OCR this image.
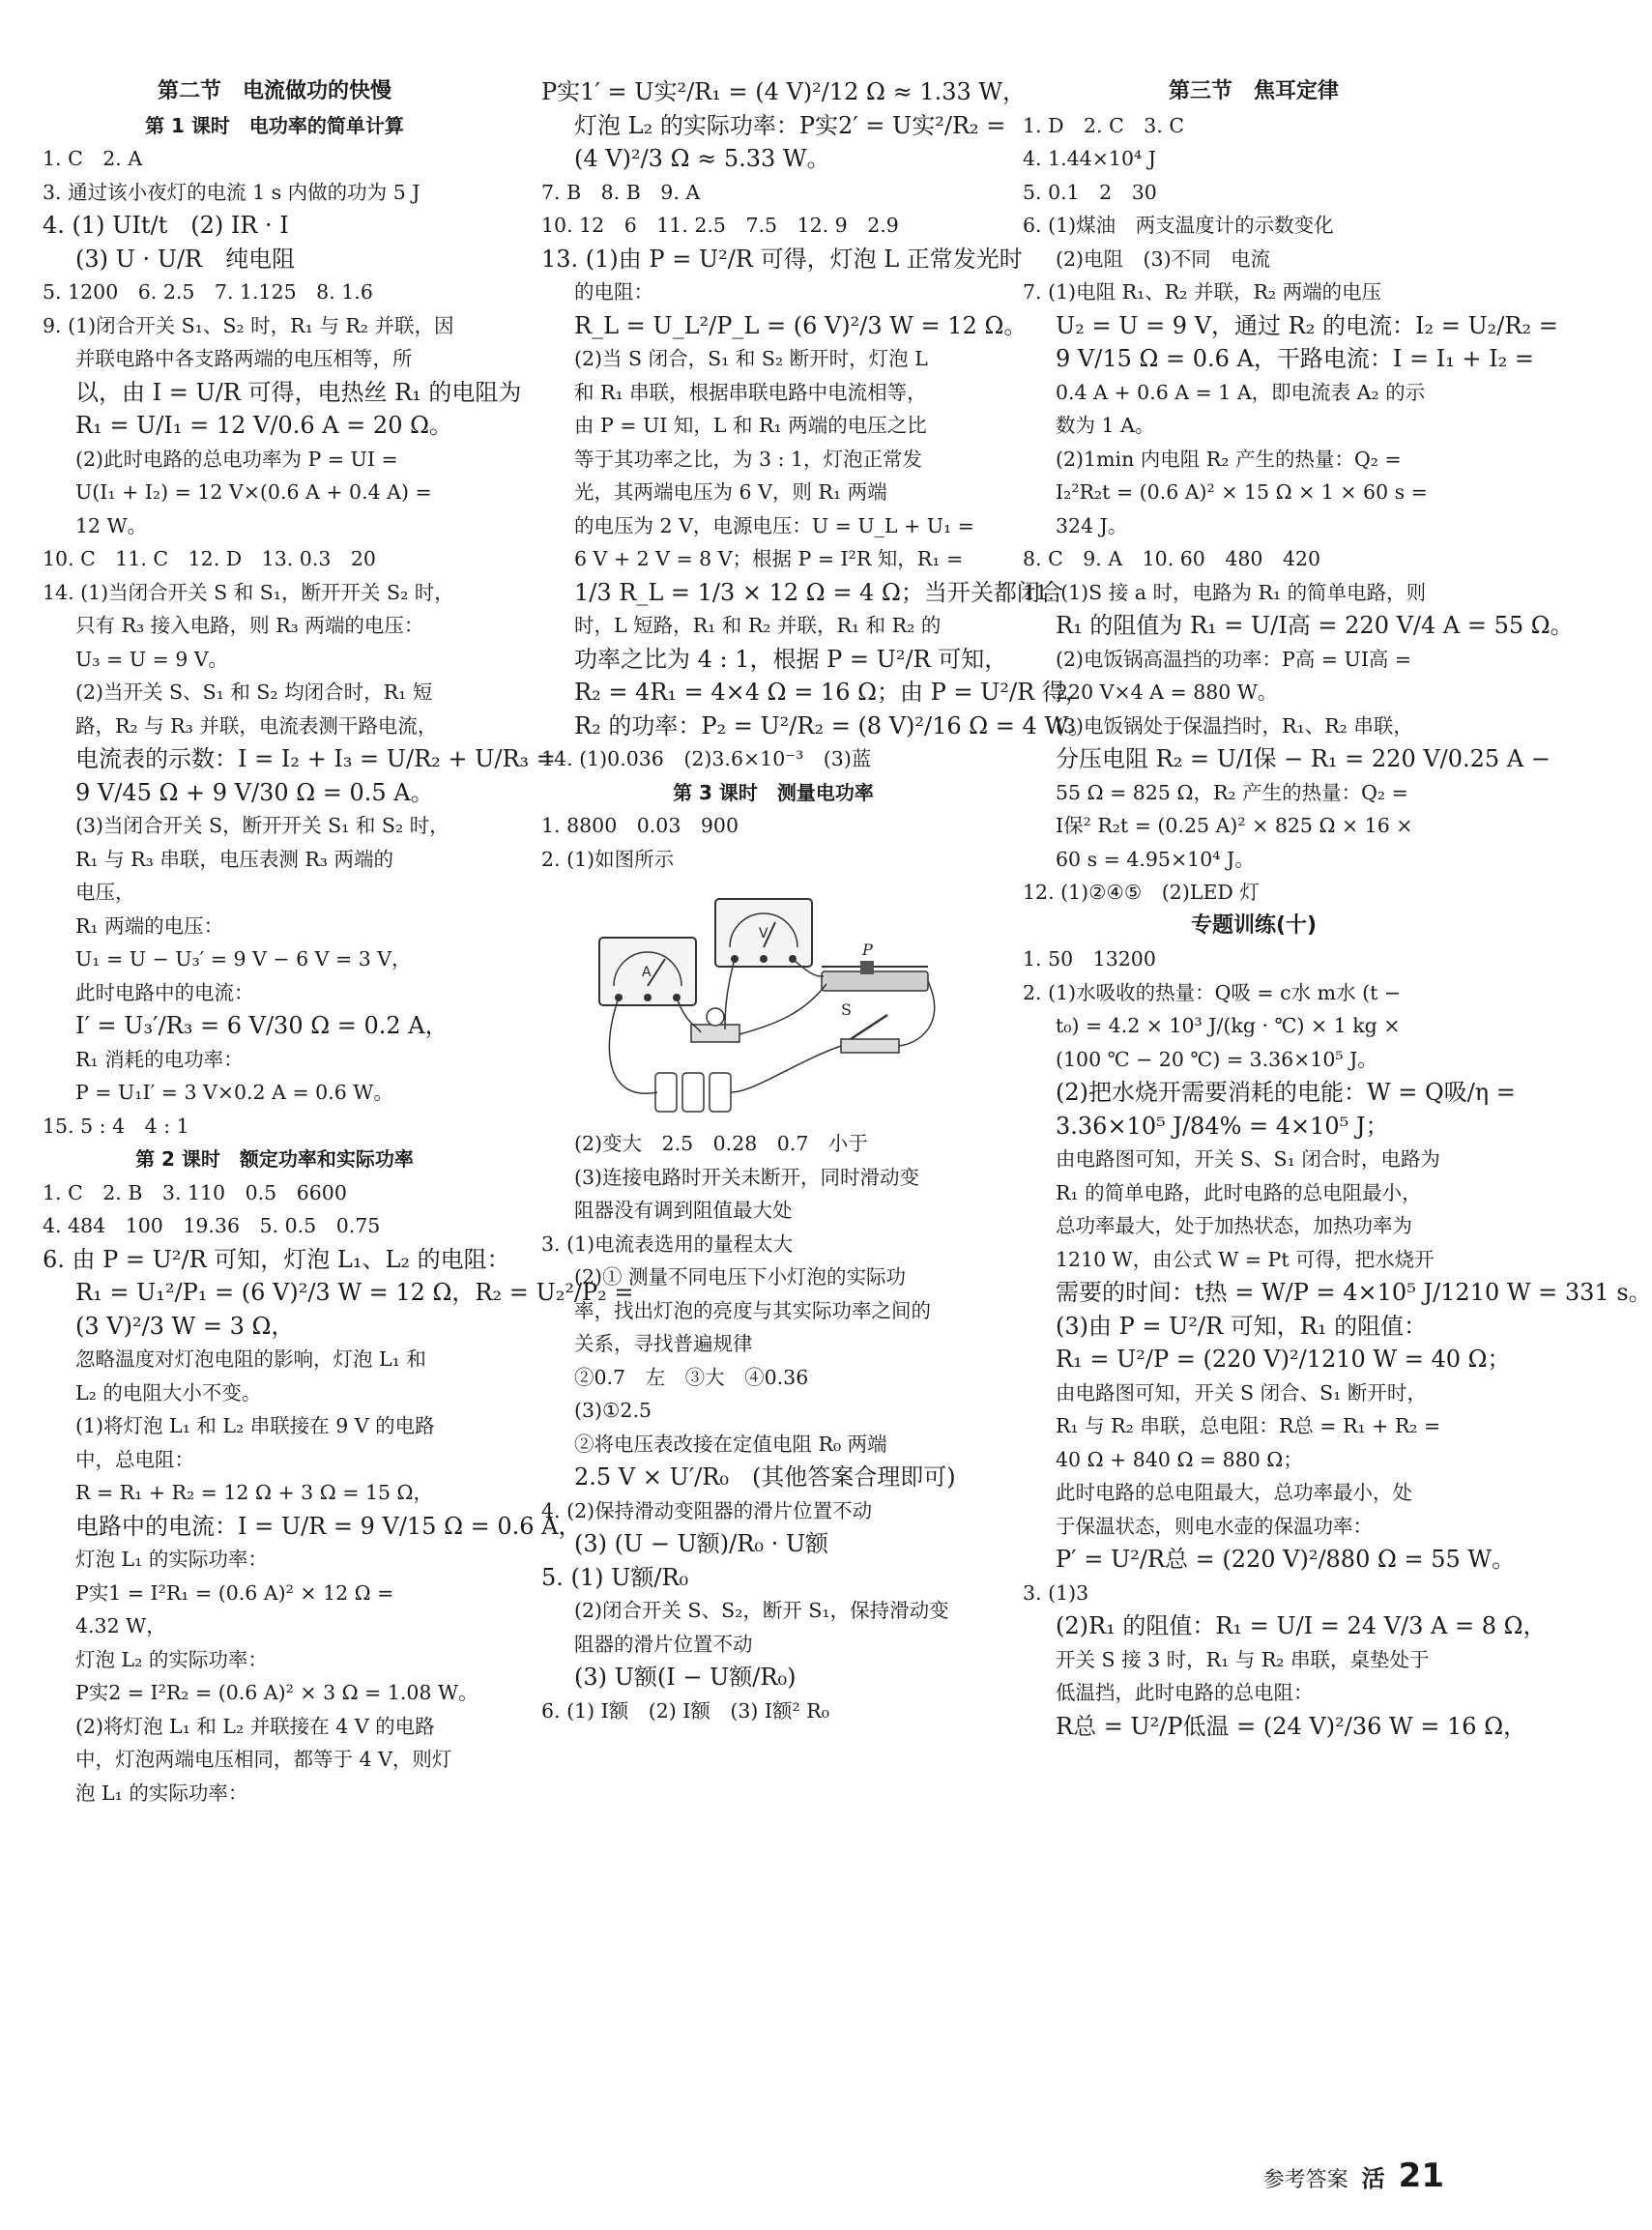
第二节　电流做功的快慢
第 1 课时　电功率的简单计算
1. C　2. A
3. 通过该小夜灯的电流 1 s 内做的功为 5 J
4. (1) UIt/t　(2) IR · I
(3) U · U/R　纯电阻
5. 1200　6. 2.5　7. 1.125　8. 1.6
9. (1)闭合开关 S₁、S₂ 时，R₁ 与 R₂ 并联，因
并联电路中各支路两端的电压相等，所
以，由 I = U/R 可得，电热丝 R₁ 的电阻为
R₁ = U/I₁ = 12 V/0.6 A = 20 Ω。
(2)此时电路的总电功率为 P = UI =
U(I₁ + I₂) = 12 V×(0.6 A + 0.4 A) =
12 W。
10. C　11. C　12. D　13. 0.3　20
14. (1)当闭合开关 S 和 S₁，断开开关 S₂ 时，
只有 R₃ 接入电路，则 R₃ 两端的电压：
U₃ = U = 9 V。
(2)当开关 S、S₁ 和 S₂ 均闭合时，R₁ 短
路，R₂ 与 R₃ 并联，电流表测干路电流，
电流表的示数：I = I₂ + I₃ = U/R₂ + U/R₃ =
9 V/45 Ω + 9 V/30 Ω = 0.5 A。
(3)当闭合开关 S，断开开关 S₁ 和 S₂ 时，
R₁ 与 R₃ 串联，电压表测 R₃ 两端的
电压，
R₁ 两端的电压：
U₁ = U − U₃′ = 9 V − 6 V = 3 V，
此时电路中的电流：
I′ = U₃′/R₃ = 6 V/30 Ω = 0.2 A，
R₁ 消耗的电功率：
P = U₁I′ = 3 V×0.2 A = 0.6 W。
15. 5 : 4　4 : 1
第 2 课时　额定功率和实际功率
1. C　2. B　3. 110　0.5　6600
4. 484　100　19.36　5. 0.5　0.75
6. 由 P = U²/R 可知，灯泡 L₁、L₂ 的电阻：
R₁ = U₁²/P₁ = (6 V)²/3 W = 12 Ω，R₂ = U₂²/P₂ =
(3 V)²/3 W = 3 Ω，
忽略温度对灯泡电阻的影响，灯泡 L₁ 和
L₂ 的电阻大小不变。
(1)将灯泡 L₁ 和 L₂ 串联接在 9 V 的电路
中，总电阻：
R = R₁ + R₂ = 12 Ω + 3 Ω = 15 Ω，
电路中的电流：I = U/R = 9 V/15 Ω = 0.6 A，
灯泡 L₁ 的实际功率：
P实1 = I²R₁ = (0.6 A)² × 12 Ω =
4.32 W，
灯泡 L₂ 的实际功率：
P实2 = I²R₂ = (0.6 A)² × 3 Ω = 1.08 W。
(2)将灯泡 L₁ 和 L₂ 并联接在 4 V 的电路
中，灯泡两端电压相同，都等于 4 V，则灯
泡 L₁ 的实际功率：
P实1′ = U实²/R₁ = (4 V)²/12 Ω ≈ 1.33 W，
灯泡 L₂ 的实际功率：P实2′ = U实²/R₂ =
(4 V)²/3 Ω ≈ 5.33 W。
7. B　8. B　9. A
10. 12　6　11. 2.5　7.5　12. 9　2.9
13. (1)由 P = U²/R 可得，灯泡 L 正常发光时
的电阻：
R_L = U_L²/P_L = (6 V)²/3 W = 12 Ω。
(2)当 S 闭合，S₁ 和 S₂ 断开时，灯泡 L
和 R₁ 串联，根据串联电路中电流相等，
由 P = UI 知，L 和 R₁ 两端的电压之比
等于其功率之比，为 3 : 1，灯泡正常发
光，其两端电压为 6 V，则 R₁ 两端
的电压为 2 V，电源电压：U = U_L + U₁ =
6 V + 2 V = 8 V；根据 P = I²R 知，R₁ =
1/3 R_L = 1/3 × 12 Ω = 4 Ω；当开关都闭合
时，L 短路，R₁ 和 R₂ 并联，R₁ 和 R₂ 的
功率之比为 4 : 1，根据 P = U²/R 可知，
R₂ = 4R₁ = 4×4 Ω = 16 Ω；由 P = U²/R 得，
R₂ 的功率：P₂ = U²/R₂ = (8 V)²/16 Ω = 4 W。
14. (1)0.036　(2)3.6×10⁻³　(3)蓝
第 3 课时　测量电功率
1. 8800　0.03　900
2. (1)如图所示
A
V
P
S
(2)变大　2.5　0.28　0.7　小于
(3)连接电路时开关未断开，同时滑动变
阻器没有调到阻值最大处
3. (1)电流表选用的量程太大
(2)① 测量不同电压下小灯泡的实际功
率，找出灯泡的亮度与其实际功率之间的
关系，寻找普遍规律
②0.7　左　③大　④0.36
(3)①2.5
②将电压表改接在定值电阻 R₀ 两端
2.5 V × U′/R₀　(其他答案合理即可)
4. (2)保持滑动变阻器的滑片位置不动
(3) (U − U额)/R₀ · U额
5. (1) U额/R₀
(2)闭合开关 S、S₂，断开 S₁，保持滑动变
阻器的滑片位置不动
(3) U额(I − U额/R₀)
6. (1) I额　(2) I额　(3) I额² R₀
第三节　焦耳定律
1. D　2. C　3. C
4. 1.44×10⁴ J
5. 0.1　2　30
6. (1)煤油　两支温度计的示数变化
(2)电阻　(3)不同　电流
7. (1)电阻 R₁、R₂ 并联，R₂ 两端的电压
U₂ = U = 9 V，通过 R₂ 的电流：I₂ = U₂/R₂ =
9 V/15 Ω = 0.6 A，干路电流：I = I₁ + I₂ =
0.4 A + 0.6 A = 1 A，即电流表 A₂ 的示
数为 1 A。
(2)1min 内电阻 R₂ 产生的热量：Q₂ =
I₂²R₂t = (0.6 A)² × 15 Ω × 1 × 60 s =
324 J。
8. C　9. A　10. 60　480　420
11. (1)S 接 a 时，电路为 R₁ 的简单电路，则
R₁ 的阻值为 R₁ = U/I高 = 220 V/4 A = 55 Ω。
(2)电饭锅高温挡的功率：P高 = UI高 =
220 V×4 A = 880 W。
(3)电饭锅处于保温挡时，R₁、R₂ 串联，
分压电阻 R₂ = U/I保 − R₁ = 220 V/0.25 A −
55 Ω = 825 Ω，R₂ 产生的热量：Q₂ =
I保² R₂t = (0.25 A)² × 825 Ω × 16 ×
60 s = 4.95×10⁴ J。
12. (1)②④⑤　(2)LED 灯
专题训练(十)
1. 50　13200
2. (1)水吸收的热量：Q吸 = c水 m水 (t −
t₀) = 4.2 × 10³ J/(kg · ℃) × 1 kg ×
(100 ℃ − 20 ℃) = 3.36×10⁵ J。
(2)把水烧开需要消耗的电能：W = Q吸/η =
3.36×10⁵ J/84% = 4×10⁵ J；
由电路图可知，开关 S、S₁ 闭合时，电路为
R₁ 的简单电路，此时电路的总电阻最小，
总功率最大，处于加热状态，加热功率为
1210 W，由公式 W = Pt 可得，把水烧开
需要的时间：t热 = W/P = 4×10⁵ J/1210 W = 331 s。
(3)由 P = U²/R 可知，R₁ 的阻值：
R₁ = U²/P = (220 V)²/1210 W = 40 Ω；
由电路图可知，开关 S 闭合、S₁ 断开时，
R₁ 与 R₂ 串联，总电阻：R总 = R₁ + R₂ =
40 Ω + 840 Ω = 880 Ω；
此时电路的总电阻最大，总功率最小，处
于保温状态，则电水壶的保温功率：
P′ = U²/R总 = (220 V)²/880 Ω = 55 W。
3. (1)3
(2)R₁ 的阻值：R₁ = U/I = 24 V/3 A = 8 Ω，
开关 S 接 3 时，R₁ 与 R₂ 串联，桌垫处于
低温挡，此时电路的总电阻：
R总 = U²/P低温 = (24 V)²/36 W = 16 Ω，
参考答案 活 21
